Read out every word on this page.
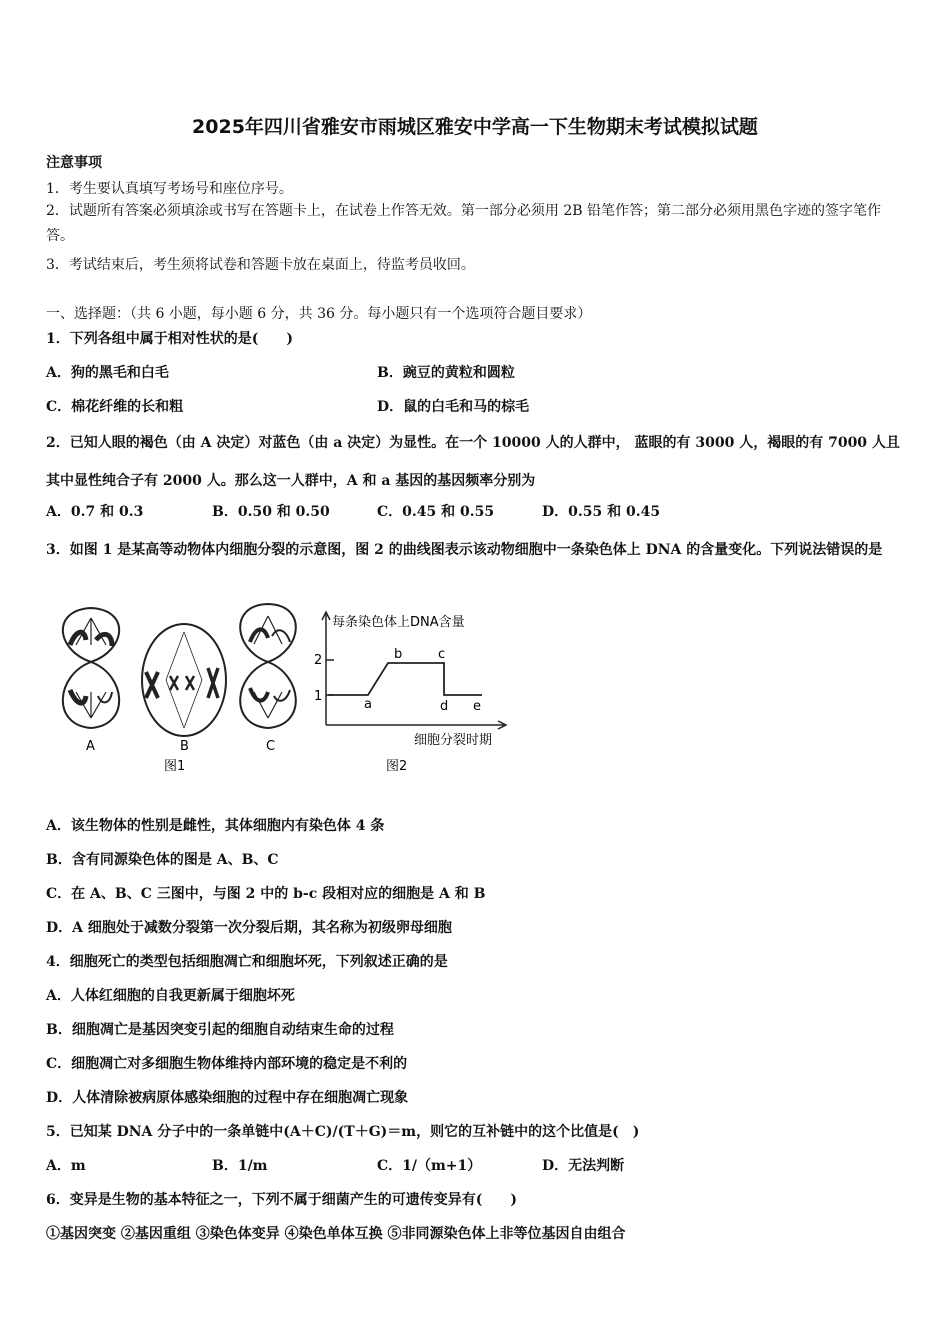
2025年四川省雅安市雨城区雅安中学高一下生物期末考试模拟试题
注意事项
1．考生要认真填写考场号和座位序号。
2．试题所有答案必须填涂或书写在答题卡上，在试卷上作答无效。第一部分必须用 2B 铅笔作答；第二部分必须用黑色字迹的签字笔作答。
3．考试结束后，考生须将试卷和答题卡放在桌面上，待监考员收回。
一、选择题：（共 6 小题，每小题 6 分，共 36 分。每小题只有一个选项符合题目要求）
1．下列各组中属于相对性状的是(　　)
A．狗的黑毛和白毛	B．豌豆的黄粒和圆粒
C．棉花纤维的长和粗	D．鼠的白毛和马的棕毛
2．已知人眼的褐色（由 A 决定）对蓝色（由 a 决定）为显性。在一个 10000 人的人群中， 蓝眼的有 3000 人，褐眼的有 7000 人且其中显性纯合子有 2000 人。那么这一人群中，A 和 a 基因的基因频率分别为
A．0.7 和 0.3	B．0.50 和 0.50	C．0.45 和 0.55	D．0.55 和 0.45
3．如图 1 是某高等动物体内细胞分裂的示意图，图 2 的曲线图表示该动物细胞中一条染色体上 DNA 的含量变化。下列说法错误的是
A	B	C
图1
每条染色体上DNA含量
2
1
a
b	c
d e
细胞分裂时期
图2
A．该生物体的性别是雌性，其体细胞内有染色体 4 条
B．含有同源染色体的图是 A、B、C
C．在 A、B、C 三图中，与图 2 中的 b-c 段相对应的细胞是 A 和 B
D．A 细胞处于减数分裂第一次分裂后期，其名称为初级卵母细胞
4．细胞死亡的类型包括细胞凋亡和细胞坏死，下列叙述正确的是
A．人体红细胞的自我更新属于细胞坏死
B．细胞凋亡是基因突变引起的细胞自动结束生命的过程
C．细胞凋亡对多细胞生物体维持内部环境的稳定是不利的
D．人体清除被病原体感染细胞的过程中存在细胞凋亡现象
5．已知某 DNA 分子中的一条单链中(A＋C)/(T＋G)＝m，则它的互补链中的这个比值是(　)
A．m	B．1/m	C．1/（m+1）	D．无法判断
6．变异是生物的基本特征之一，下列不属于细菌产生的可遗传变异有(　　)
①基因突变 ②基因重组 ③染色体变异 ④染色单体互换 ⑤非同源染色体上非等位基因自由组合
